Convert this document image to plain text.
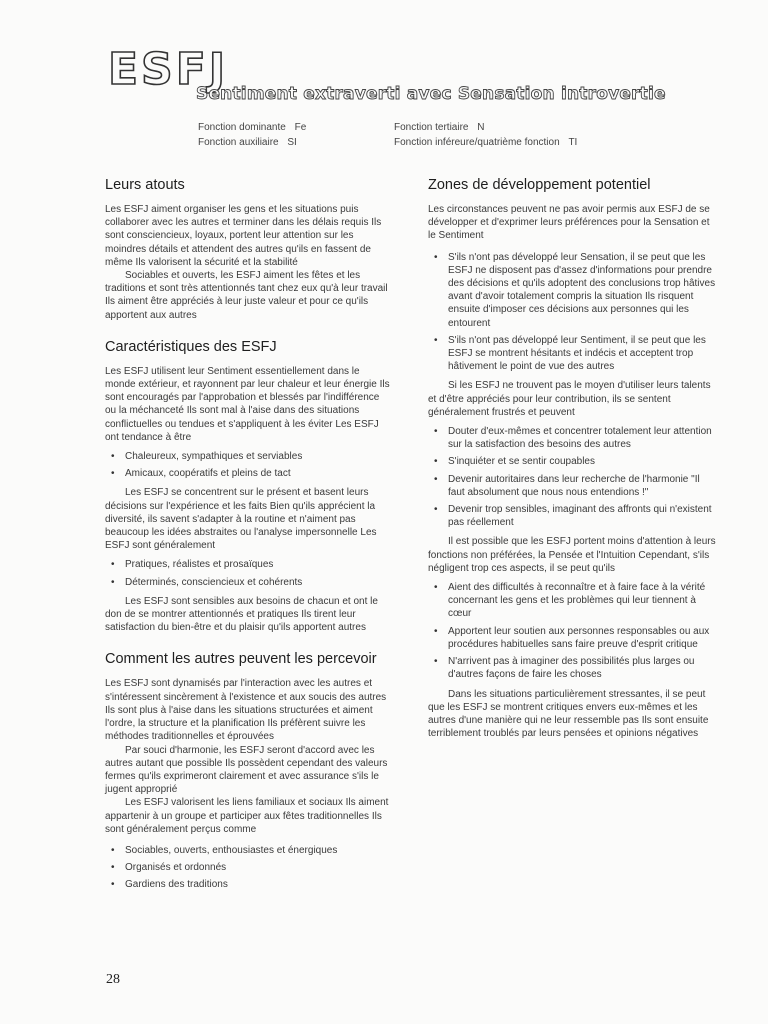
ESFJ
Sentiment extraverti avec Sensation introvertie
Fonction dominante Fe
Fonction auxiliaire SI
Fonction tertiaire N
Fonction inféreure/quatrième fonction TI
Leurs atouts

Les ESFJ aiment organiser les gens et les situations puis collaborer avec les autres et terminer dans les délais requis Ils sont consciencieux, loyaux, portent leur attention sur les moindres détails et attendent des autres qu'ils en fassent de même Ils valorisent la sécurité et la stabilité

Sociables et ouverts, les ESFJ aiment les fêtes et les traditions et sont très attentionnés tant chez eux qu'à leur travail Ils aiment être appréciés à leur juste valeur et pour ce qu'ils apportent aux autres

Caractéristiques des ESFJ

Les ESFJ utilisent leur Sentiment essentiellement dans le monde extérieur, et rayonnent par leur chaleur et leur énergie Ils sont encouragés par l'approbation et blessés par l'indifférence ou la méchanceté Ils sont mal à l'aise dans des situations conflictuelles ou tendues et s'appliquent à les éviter Les ESFJ ont tendance à être

• Chaleureux, sympathiques et serviables
• Amicaux, coopératifs et pleins de tact

Les ESFJ se concentrent sur le présent et basent leurs décisions sur l'expérience et les faits Bien qu'ils apprécient la diversité, ils savent s'adapter à la routine et n'aiment pas beaucoup les idées abstraites ou l'analyse impersonnelle Les ESFJ sont généralement

• Pratiques, réalistes et prosaïques
• Déterminés, consciencieux et cohérents

Les ESFJ sont sensibles aux besoins de chacun et ont le don de se montrer attentionnés et pratiques Ils tirent leur satisfaction du bien-être et du plaisir qu'ils apportent autres

Comment les autres peuvent les percevoir

Les ESFJ sont dynamisés par l'interaction avec les autres et s'intéressent sincèrement à l'existence et aux soucis des autres Ils sont plus à l'aise dans les situations structurées et aiment l'ordre, la structure et la planification Ils préfèrent suivre les méthodes traditionnelles et éprouvées

Par souci d'harmonie, les ESFJ seront d'accord avec les autres autant que possible Ils possèdent cependant des valeurs fermes qu'ils exprimeront clairement et avec assurance s'ils le jugent approprié

Les ESFJ valorisent les liens familiaux et sociaux Ils aiment appartenir à un groupe et participer aux fêtes traditionnelles Ils sont généralement perçus comme

• Sociables, ouverts, enthousiastes et énergiques
• Organisés et ordonnés
• Gardiens des traditions
Zones de développement potentiel

Les circonstances peuvent ne pas avoir permis aux ESFJ de se développer et d'exprimer leurs préférences pour la Sensation et le Sentiment

• S'ils n'ont pas développé leur Sensation, il se peut que les ESFJ ne disposent pas d'assez d'informations pour prendre des décisions et qu'ils adoptent des conclusions trop hâtives avant d'avoir totalement compris la situation Ils risquent ensuite d'imposer ces décisions aux personnes qui les entourent
• S'ils n'ont pas développé leur Sentiment, il se peut que les ESFJ se montrent hésitants et indécis et acceptent trop hâtivement le point de vue des autres

Si les ESFJ ne trouvent pas le moyen d'utiliser leurs talents et d'être appréciés pour leur contribution, ils se sentent généralement frustrés et peuvent

• Douter d'eux-mêmes et concentrer totalement leur attention sur la satisfaction des besoins des autres
• S'inquiéter et se sentir coupables
• Devenir autoritaires dans leur recherche de l'harmonie "Il faut absolument que nous nous entendions !"
• Devenir trop sensibles, imaginant des affronts qui n'existent pas réellement

Il est possible que les ESFJ portent moins d'attention à leurs fonctions non préférées, la Pensée et l'Intuition Cependant, s'ils négligent trop ces aspects, il se peut qu'ils

• Aient des difficultés à reconnaître et à faire face à la vérité concernant les gens et les problèmes qui leur tiennent à cœur
• Apportent leur soutien aux personnes responsables ou aux procédures habituelles sans faire preuve d'esprit critique
• N'arrivent pas à imaginer des possibilités plus larges ou d'autres façons de faire les choses

Dans les situations particulièrement stressantes, il se peut que les ESFJ se montrent critiques envers eux-mêmes et les autres d'une manière qui ne leur ressemble pas Ils sont ensuite terriblement troublés par leurs pensées et opinions négatives

28
